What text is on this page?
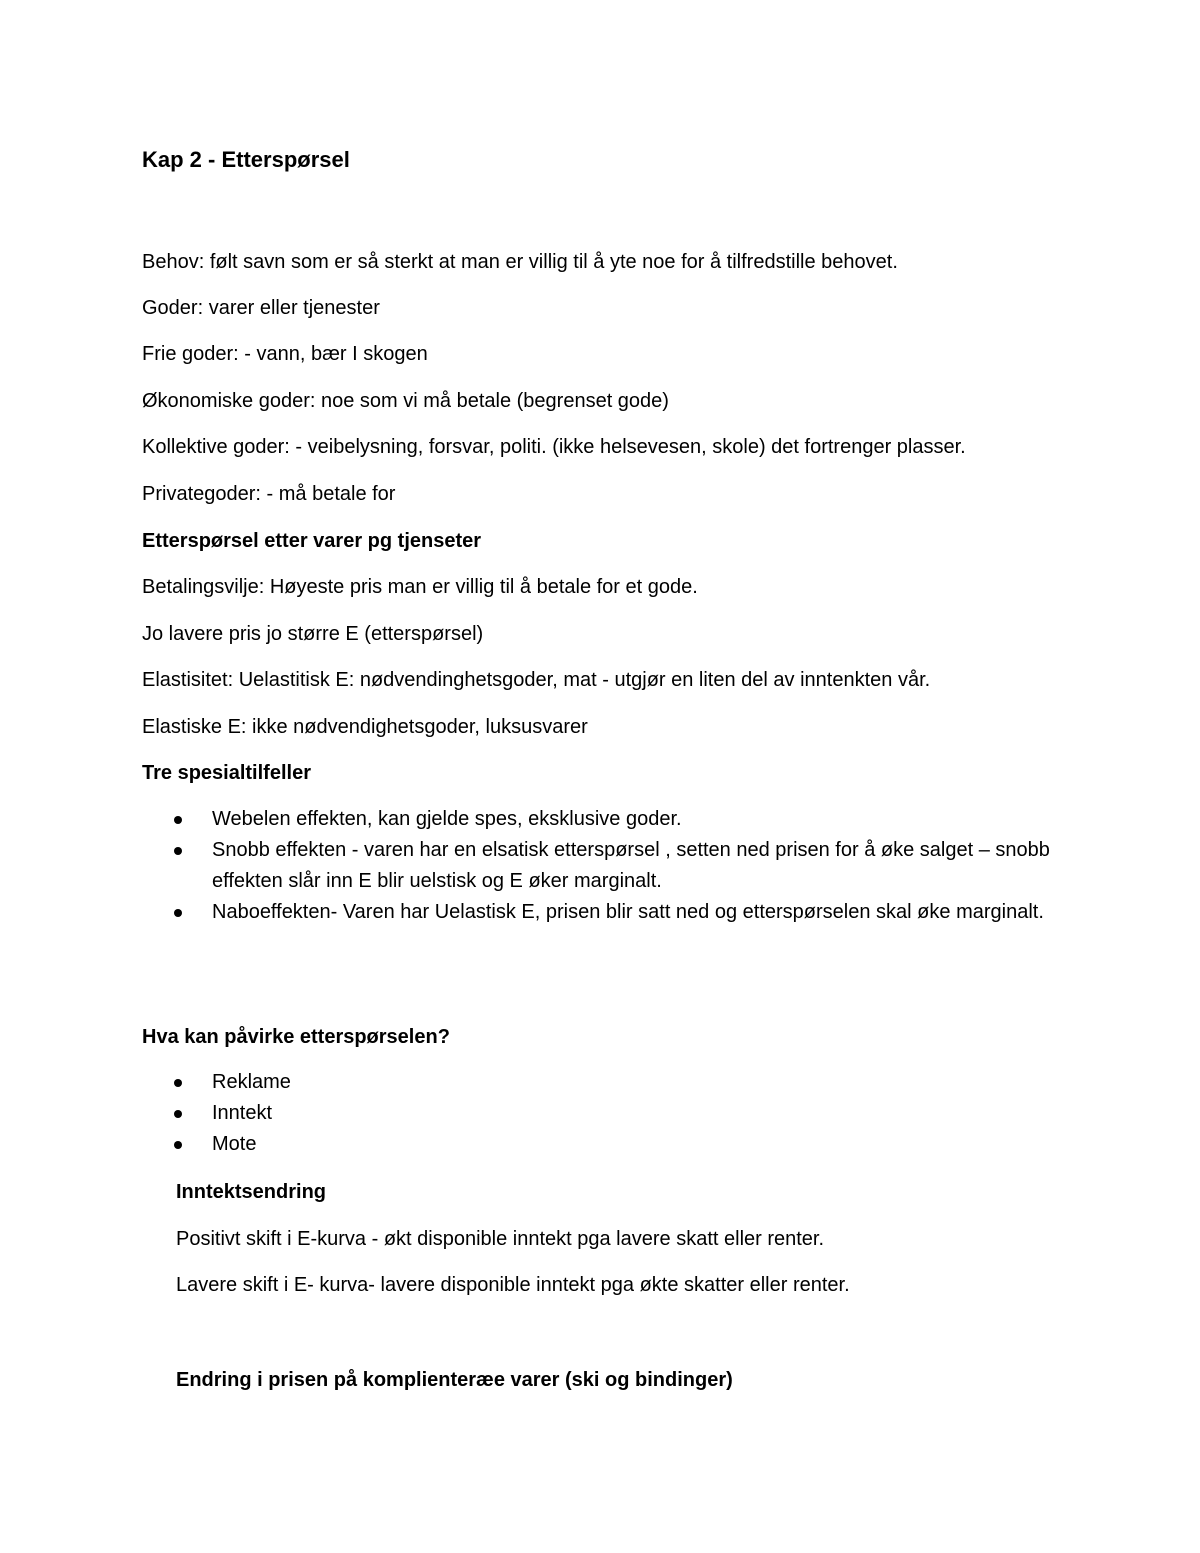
Kap 2 - Etterspørsel
Behov: følt savn som er så sterkt at man er villig til å yte noe for å tilfredstille behovet.
Goder: varer eller tjenester
Frie goder: - vann, bær I skogen
Økonomiske goder: noe som vi må betale (begrenset gode)
Kollektive goder: - veibelysning, forsvar, politi. (ikke helsevesen, skole) det fortrenger plasser.
Privategoder: - må betale for
Etterspørsel etter varer pg tjenseter
Betalingsvilje: Høyeste pris man er villig til å betale for et gode.
Jo lavere pris jo større E (etterspørsel)
Elastisitet: Uelastitisk E: nødvendinghetsgoder, mat - utgjør en liten del av inntenkten vår.
Elastiske E: ikke nødvendighetsgoder, luksusvarer
Tre spesialtilfeller
Webelen effekten, kan gjelde spes, eksklusive goder.
Snobb effekten - varen har en elsatisk etterspørsel , setten ned prisen for å øke salget – snobb effekten slår inn E blir uelstisk og E øker marginalt.
Naboeffekten- Varen har Uelastisk E, prisen blir satt ned og etterspørselen skal øke marginalt.
Hva kan påvirke etterspørselen?
Reklame
Inntekt
Mote
Inntektsendring
Positivt skift i E-kurva - økt disponible inntekt pga lavere skatt eller renter.
Lavere skift i E- kurva- lavere disponible inntekt pga økte skatter eller renter.
Endring i prisen på komplienteræe varer (ski og bindinger)
